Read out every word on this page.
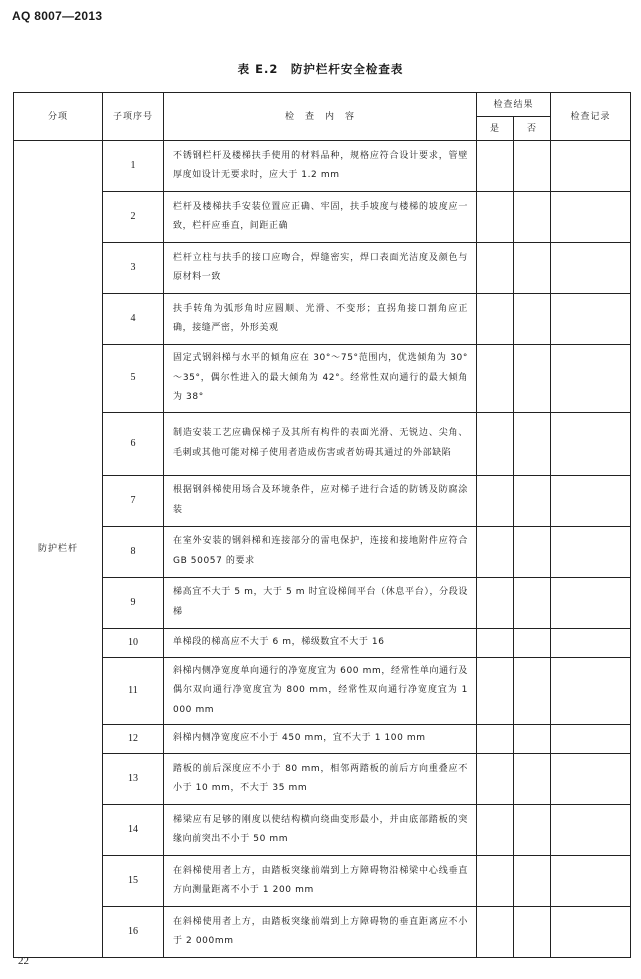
AQ 8007—2013
表 E.2　防护栏杆安全检查表
分项	子项序号	检　查　内　容	检查结果		检查记录
			是	否	
防护栏杆	1	不锈钢栏杆及楼梯扶手使用的材料品种，规格应符合设计要求，管壁厚度如设计无要求时，应大于 1.2 mm			
	2	栏杆及楼梯扶手安装位置应正确、牢固，扶手坡度与楼梯的坡度应一致，栏杆应垂直，间距正确			
	3	栏杆立柱与扶手的接口应吻合，焊缝密实，焊口表面光洁度及颜色与原材料一致			
	4	扶手转角为弧形角时应圆顺、光滑、不变形；直拐角接口割角应正确，接缝严密，外形美观			
	5	固定式钢斜梯与水平的倾角应在 30°～75°范围内，优选倾角为 30°～35°，偶尔性进入的最大倾角为 42°。经常性双向通行的最大倾角为 38°			
	6	制造安装工艺应确保梯子及其所有构件的表面光滑、无锐边、尖角、毛刺或其他可能对梯子使用者造成伤害或者妨碍其通过的外部缺陷			
	7	根据钢斜梯使用场合及环境条件，应对梯子进行合适的防锈及防腐涂装			
	8	在室外安装的钢斜梯和连接部分的雷电保护，连接和接地附件应符合 GB 50057 的要求			
	9	梯高宜不大于 5 m，大于 5 m 时宜设梯间平台（休息平台），分段设梯			
	10	单梯段的梯高应不大于 6 m，梯级数宜不大于 16			
	11	斜梯内侧净宽度单向通行的净宽度宜为 600 mm，经常性单向通行及偶尔双向通行净宽度宜为 800 mm，经常性双向通行净宽度宜为 1 000 mm			
	12	斜梯内侧净宽度应不小于 450 mm，宜不大于 1 100 mm			
	13	踏板的前后深度应不小于 80 mm，相邻两踏板的前后方向重叠应不小于 10 mm，不大于 35 mm			
	14	梯梁应有足够的刚度以使结构横向绕曲变形最小，并由底部踏板的突缘向前突出不小于 50 mm			
	15	在斜梯使用者上方，由踏板突缘前端到上方障碍物沿梯梁中心线垂直方向测量距离不小于 1 200 mm			
	16	在斜梯使用者上方，由踏板突缘前端到上方障碍物的垂直距离应不小于 2 000mm			
22
